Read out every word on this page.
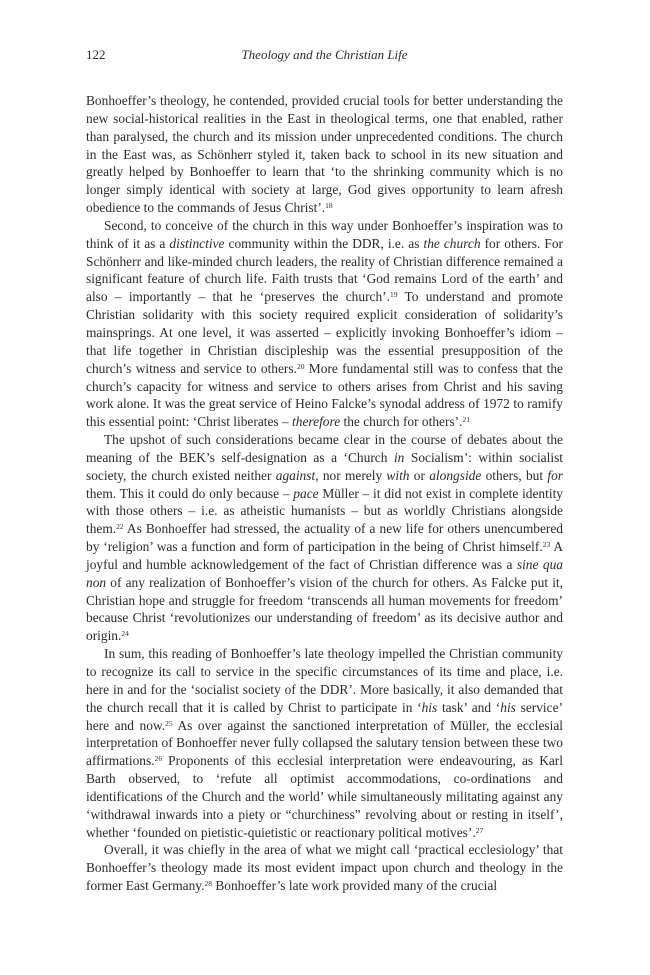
122	Theology and the Christian Life

Bonhoeffer’s theology, he contended, provided crucial tools for better understanding the new social-historical realities in the East in theological terms, one that enabled, rather than paralysed, the church and its mission under unprecedented conditions. The church in the East was, as Schönherr styled it, taken back to school in its new situation and greatly helped by Bonhoeffer to learn that ‘to the shrinking community which is no longer simply identical with society at large, God gives opportunity to learn afresh obedience to the commands of Jesus Christ’.$^{18}$

Second, to conceive of the church in this way under Bonhoeffer’s inspiration was to think of it as a distinctive community within the DDR, i.e. as the church for others. For Schönherr and like-minded church leaders, the reality of Christian difference remained a significant feature of church life. Faith trusts that ‘God remains Lord of the earth’ and also – importantly – that he ‘preserves the church’.$^{19}$ To understand and promote Christian solidarity with this society required explicit consideration of solidarity’s mainsprings. At one level, it was asserted – explicitly invoking Bonhoeffer’s idiom – that life together in Christian discipleship was the essential presupposition of the church’s witness and service to others.$^{20}$ More fundamental still was to confess that the church’s capacity for witness and service to others arises from Christ and his saving work alone. It was the great service of Heino Falcke’s synodal address of 1972 to ramify this essential point: ‘Christ liberates – therefore the church for others’.$^{21}$

The upshot of such considerations became clear in the course of debates about the meaning of the BEK’s self-designation as a ‘Church in Socialism’: within socialist society, the church existed neither against, nor merely with or alongside others, but for them. This it could do only because – pace Müller – it did not exist in complete identity with those others – i.e. as atheistic humanists – but as worldly Christians alongside them.$^{22}$ As Bonhoeffer had stressed, the actuality of a new life for others unencumbered by ‘religion’ was a function and form of participation in the being of Christ himself.$^{23}$ A joyful and humble acknowledgement of the fact of Christian difference was a sine qua non of any realization of Bonhoeffer’s vision of the church for others. As Falcke put it, Christian hope and struggle for freedom ‘transcends all human movements for freedom’ because Christ ‘revolutionizes our understanding of freedom’ as its decisive author and origin.$^{24}$

In sum, this reading of Bonhoeffer’s late theology impelled the Christian community to recognize its call to service in the specific circumstances of its time and place, i.e. here in and for the ‘socialist society of the DDR’. More basically, it also demanded that the church recall that it is called by Christ to participate in ‘his task’ and ‘his service’ here and now.$^{25}$ As over against the sanctioned interpretation of Müller, the ecclesial interpretation of Bonhoeffer never fully collapsed the salutary tension between these two affirmations.$^{26}$ Proponents of this ecclesial interpretation were endeavouring, as Karl Barth observed, to ‘refute all optimist accommodations, co-ordinations and identifications of the Church and the world’ while simultaneously militating against any ‘withdrawal inwards into a piety or “churchiness” revolving about or resting in itself’, whether ‘founded on pietistic-quietistic or reactionary political motives’.$^{27}$

Overall, it was chiefly in the area of what we might call ‘practical ecclesiology’ that Bonhoeffer’s theology made its most evident impact upon church and theology in the former East Germany.$^{28}$ Bonhoeffer’s late work provided many of the crucial
